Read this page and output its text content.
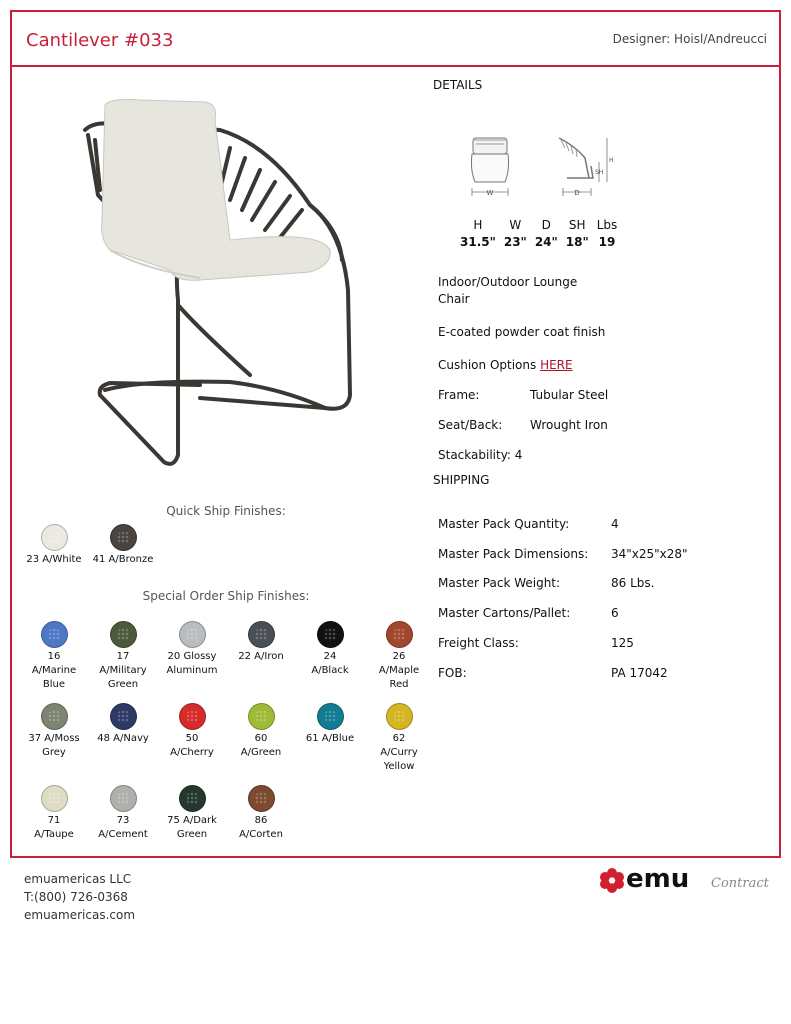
Cantilever #033	Designer: Hoisl/Andreucci
DETAILS
W	D
H
SH
H	W	D	SH	Lbs
31.5"	23"	24"	18"	19
Indoor/Outdoor Lounge Chair
E-coated powder coat finish
Cushion Options HERE
Frame:	Tubular Steel
Seat/Back: Wrought Iron
Stackability: 4
SHIPPING
Master Pack Quantity:	4
Master Pack Dimensions: 34"x25"x28"
Master Pack Weight:	86 Lbs.
Master Cartons/Pallet:	6
Freight Class:	125
FOB:	PA 17042
Quick Ship Finishes:
23 A/White	41 A/Bronze
Special Order Ship Finishes:
16
A/Marine
Blue
17
A/Military
Green
20 Glossy
Aluminum
22 A/Iron	24
A/Black
26
A/Maple
Red
37 A/Moss
Grey
48 A/Navy	50
A/Cherry
60
A/Green
61 A/Blue	62
A/Curry
Yellow
71
A/Taupe
73
A/Cement
75 A/Dark
Green
86
A/Corten
emuamericas LLC
T:(800) 726-0368
emuamericas.com
emu Contract
